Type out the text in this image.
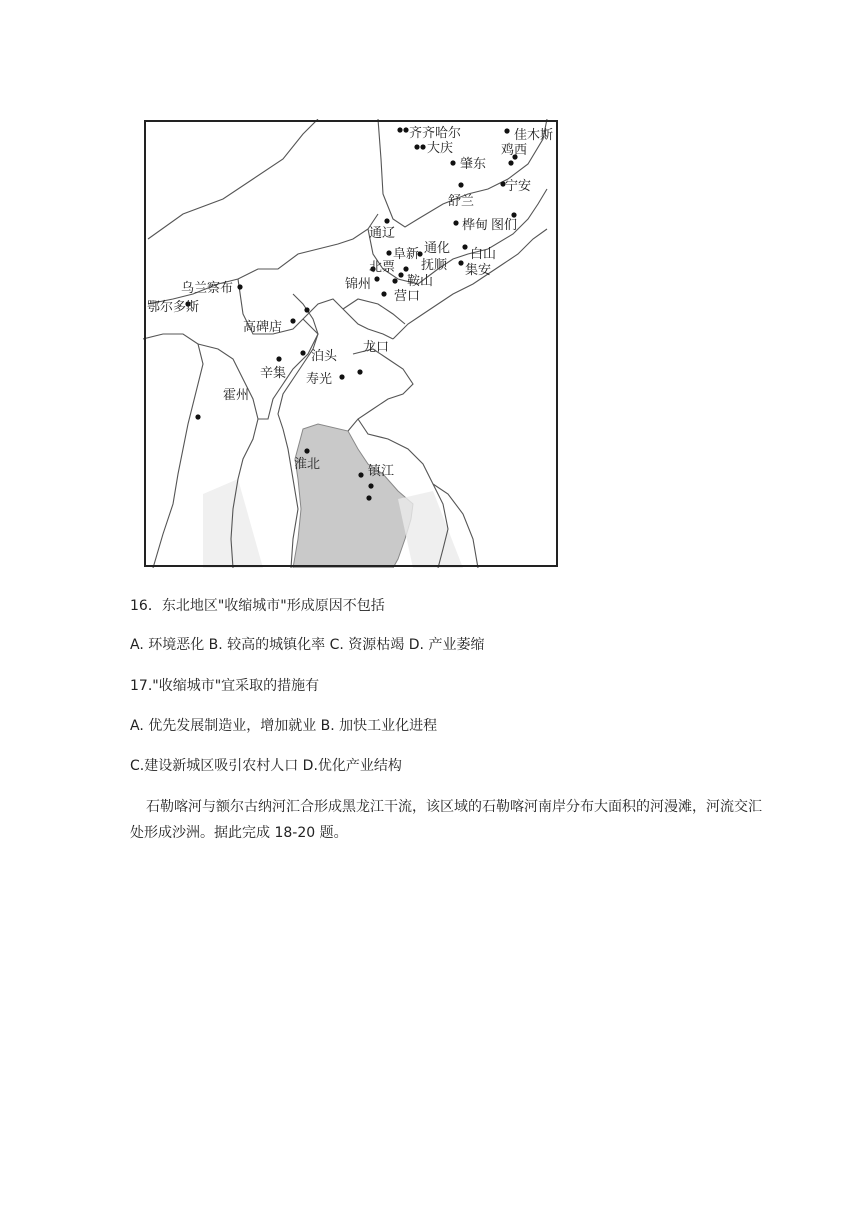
齐齐哈尔
大庆
佳木斯
鸡西
肇东
舒兰
宁安
桦甸 图们
通辽
阜新 通化 白山
北票 抚顺 集安
锦州	鞍山
营口
乌兰察布
鄂尔多斯
高碑店
泊头
辛集
龙口
寿光
霍州
淮北	镇江
16．东北地区"收缩城市"形成原因不包括
A. 环境恶化 B. 较高的城镇化率 C. 资源枯竭 D. 产业萎缩
17."收缩城市"宜采取的措施有
A. 优先发展制造业，增加就业 B. 加快工业化进程
C.建设新城区吸引农村人口 D.优化产业结构
石勒喀河与额尔古纳河汇合形成黑龙江干流，该区域的石勒喀河南岸分布大面积的河漫滩，河流交汇处形成沙洲。据此完成 18-20 题。
